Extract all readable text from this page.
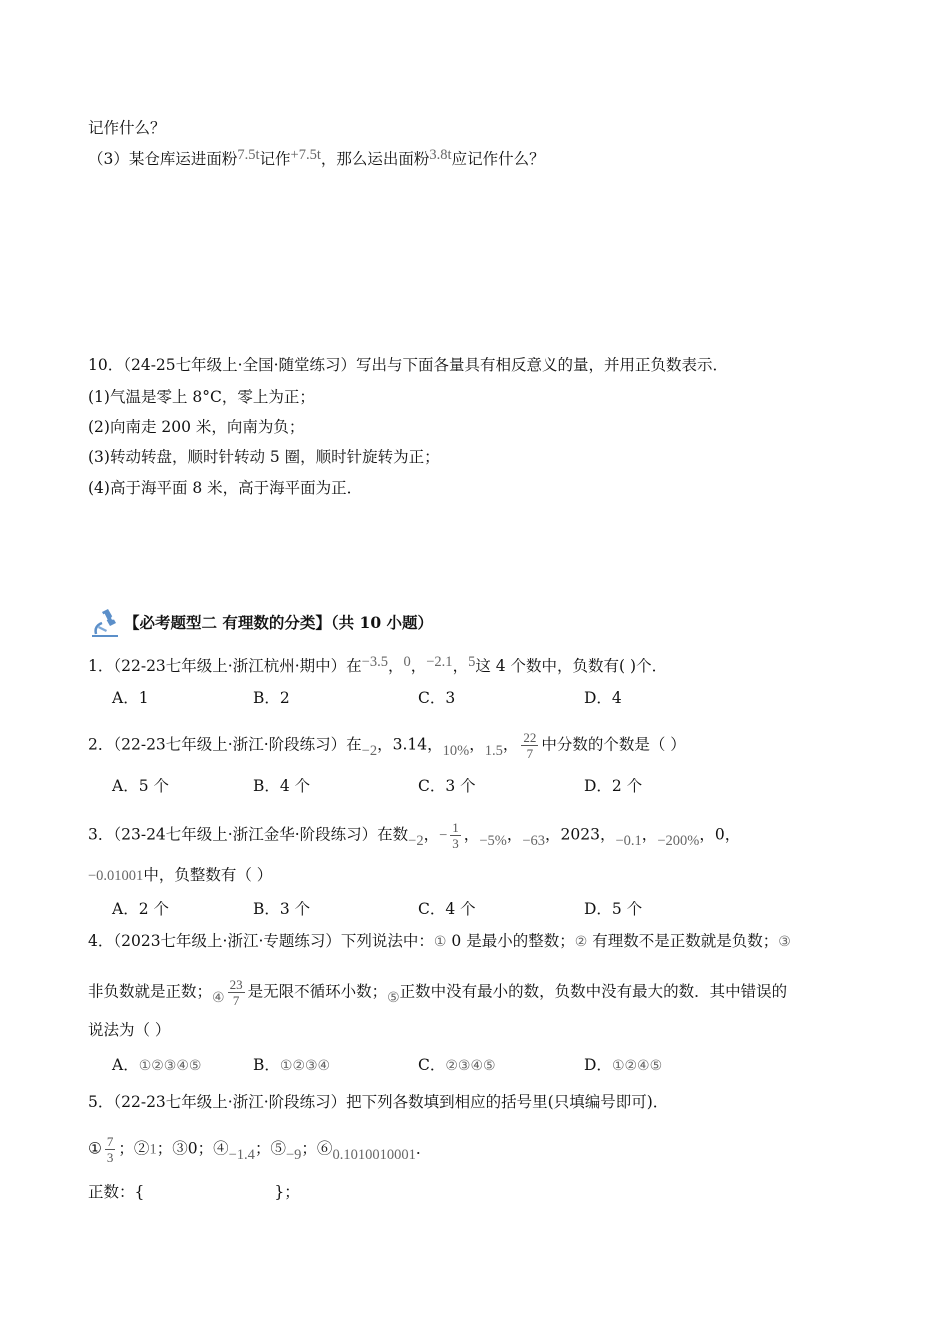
记作什么？
（3）某仓库运进面粉7.5t记作+7.5t，那么运出面粉3.8t应记作什么？
10．（24-25七年级上·全国·随堂练习）写出与下面各量具有相反意义的量，并用正负数表示．
(1)气温是零上 8°C，零上为正；
(2)向南走 200 米，向南为负；
(3)转动转盘，顺时针转动 5 圈，顺时针旋转为正；
(4)高于海平面 8 米，高于海平面为正．
【必考题型二 有理数的分类】（共 10 小题）
1．（22-23七年级上·浙江杭州·期中）在−3.5，0，−2.1，5这 4 个数中，负数有( )个．
A．1	B．2	C．3	D．4
2．（22-23七年级上·浙江·阶段练习）在−2，3.14，10%，1.5， $\frac{22}{7}$ 中分数的个数是（ ）
A．5 个	B．4 个	C．3 个	D．2 个
3．（23-24七年级上·浙江金华·阶段练习）在数−2，− $\frac{1}{3}$ ，−5%，−63，2023，−0.1，−200%，0，
−0.01001中，负整数有（ ）
A．2 个	B．3 个	C．4 个	D．5 个
4．（2023七年级上·浙江·专题练习）下列说法中：① 0 是最小的整数；② 有理数不是正数就是负数；③
非负数就是正数；④ $\frac{23}{7}$ 是无限不循环小数；⑤正数中没有最小的数，负数中没有最大的数．其中错误的
说法为（ ）
A．①②③④⑤	B．①②③④	C．②③④⑤	D．①②④⑤
5．（22-23七年级上·浙江·阶段练习）把下列各数填到相应的括号里(只填编号即可)．
① $\frac{7}{3}$ ；②1；③0；④−1.4；⑤−9；⑥0.1010010001．
正数：{	}；
